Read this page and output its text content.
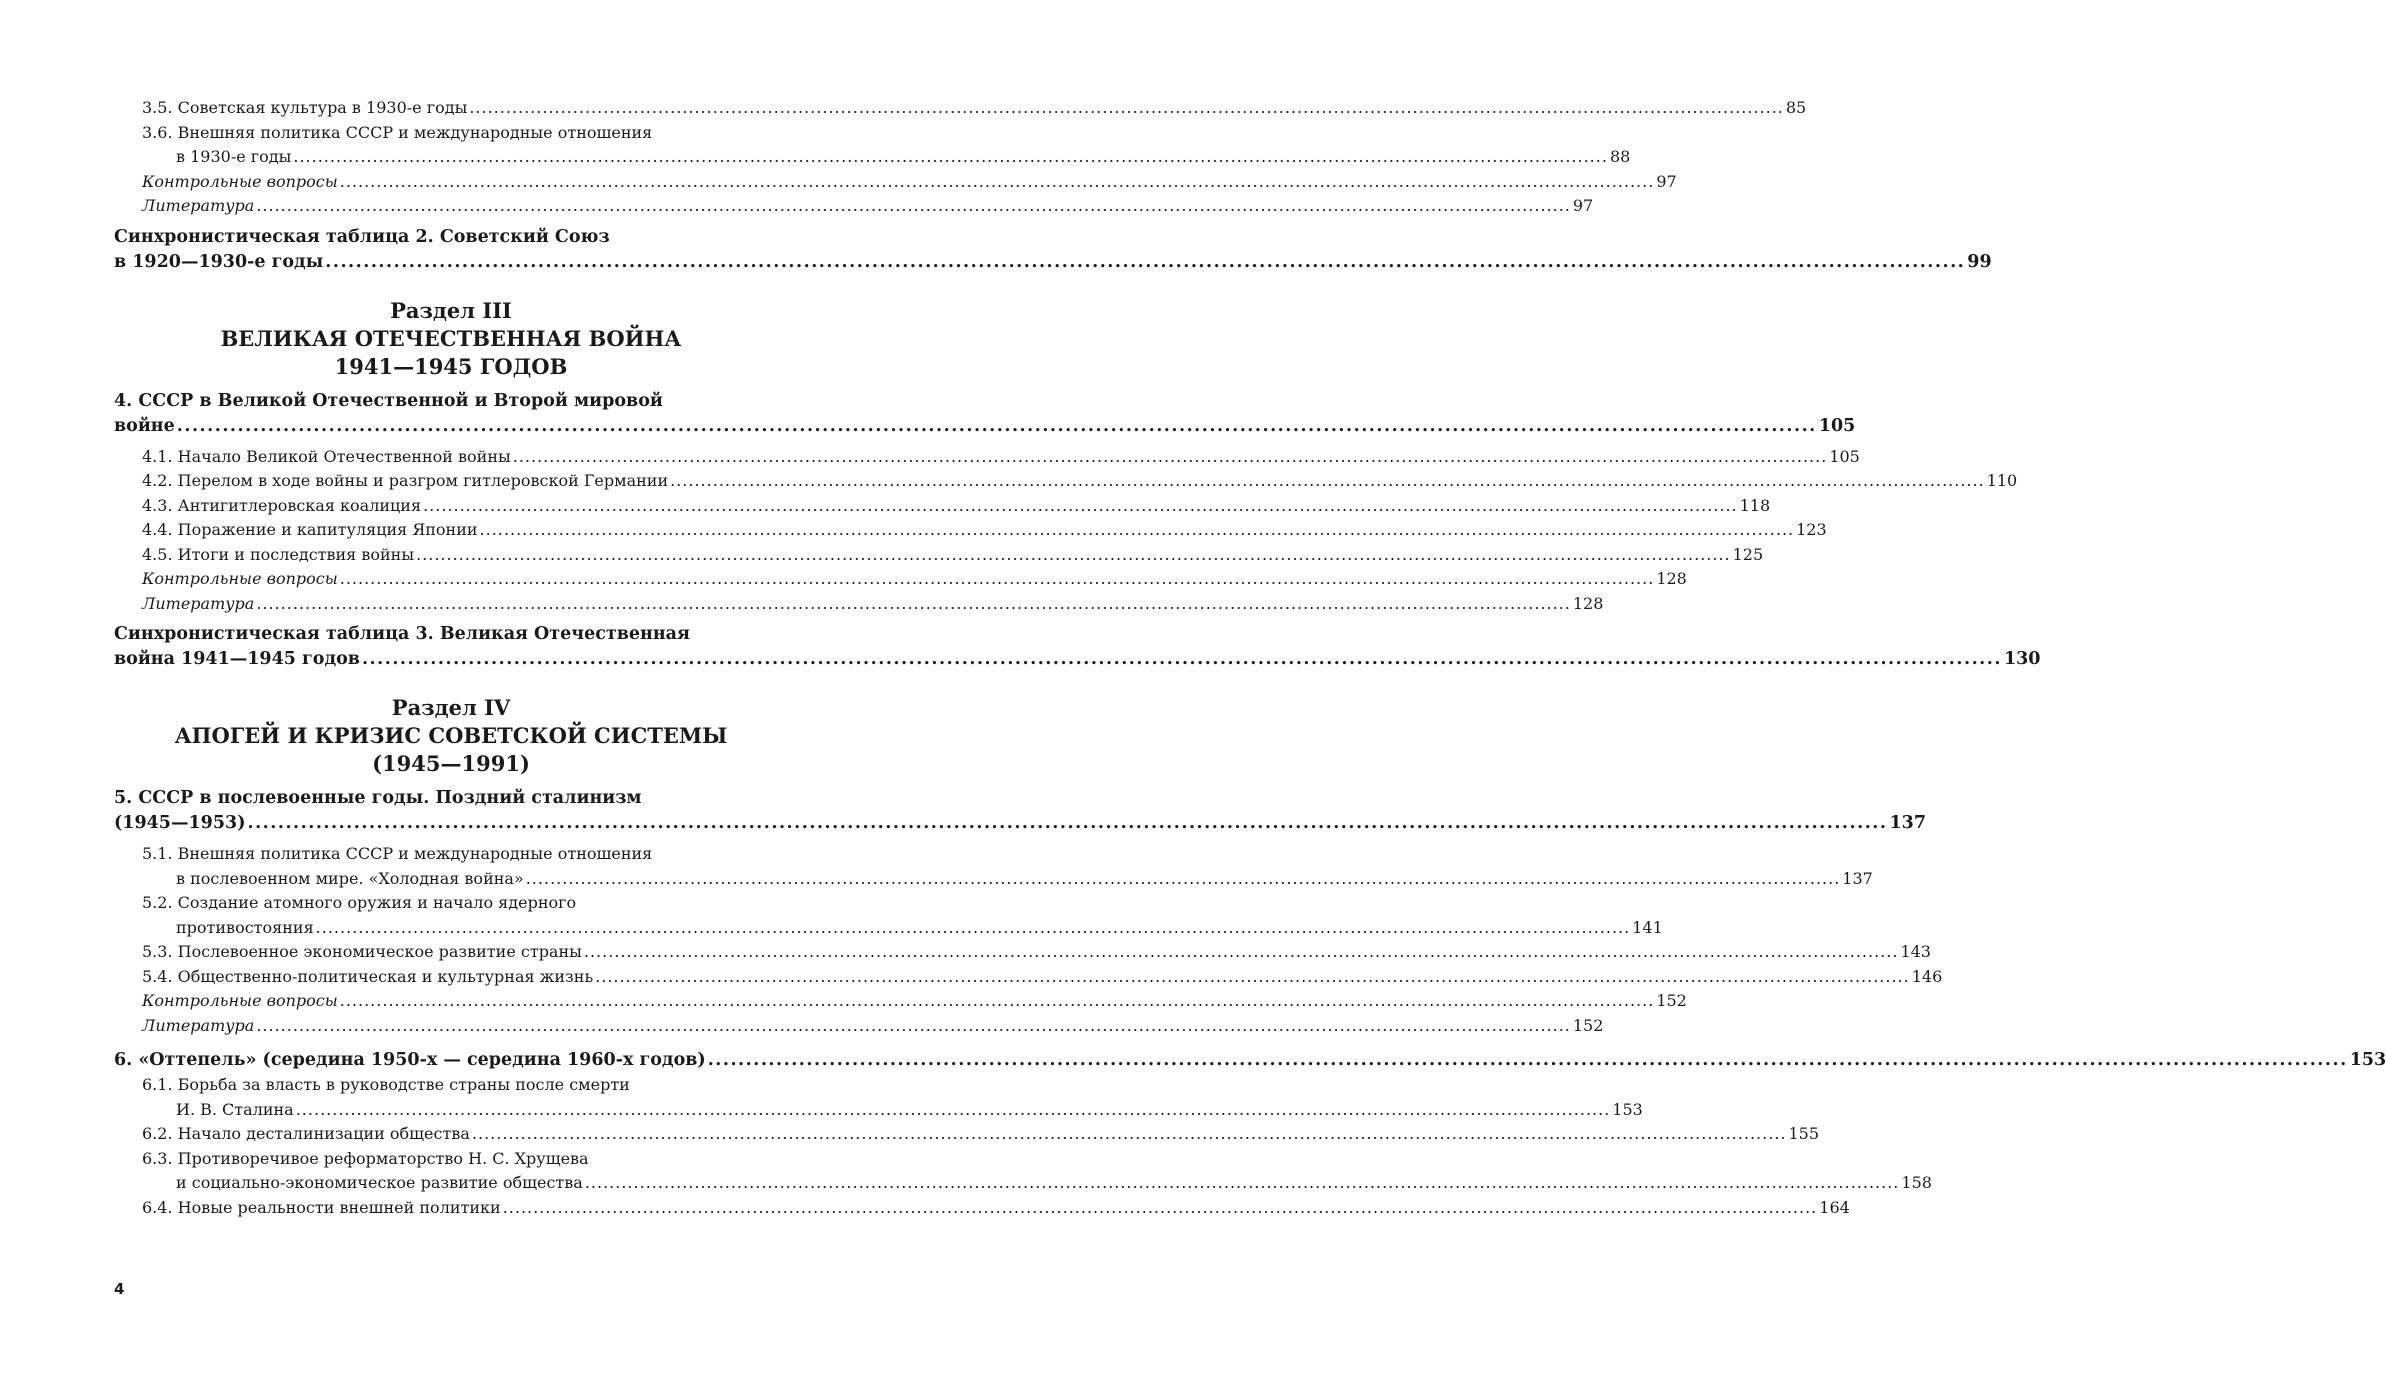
3.5. Советская культура в 1930-е годы .....	85
3.6. Внешняя политика СССР и международные отношения
в 1930-е годы .....	88
Контрольные вопросы .....	97
Литература .....	97
Синхронистическая таблица 2. Советский Союз
в 1920—1930-е годы .....	99
Раздел III
ВЕЛИКАЯ ОТЕЧЕСТВЕННАЯ ВОЙНА
1941—1945 ГОДОВ
4. СССР в Великой Отечественной и Второй мировой
войне .....	105
4.1. Начало Великой Отечественной войны .....	105
4.2. Перелом в ходе войны и разгром гитлеровской Германии .....	110
4.3. Антигитлеровская коалиция .....	118
4.4. Поражение и капитуляция Японии .....	123
4.5. Итоги и последствия войны .....	125
Контрольные вопросы .....	128
Литература .....	128
Синхронистическая таблица 3. Великая Отечественная
война 1941—1945 годов .....	130
Раздел IV
АПОГЕЙ И КРИЗИС СОВЕТСКОЙ СИСТЕМЫ
(1945—1991)
5. СССР в послевоенные годы. Поздний сталинизм
(1945—1953) .....	137
5.1. Внешняя политика СССР и международные отношения
в послевоенном мире. «Холодная война» .....	137
5.2. Создание атомного оружия и начало ядерного
противостояния .....	141
5.3. Послевоенное экономическое развитие страны .....	143
5.4. Общественно-политическая и культурная жизнь .....	146
Контрольные вопросы .....	152
Литература .....	152
6. «Оттепель» (середина 1950-х — середина 1960-х годов) .....	153
6.1. Борьба за власть в руководстве страны после смерти
И. В. Сталина .....	153
6.2. Начало десталинизации общества .....	155
6.3. Противоречивое реформаторство Н. С. Хрущева
и социально-экономическое развитие общества .....	158
6.4. Новые реальности внешней политики .....	164
4
